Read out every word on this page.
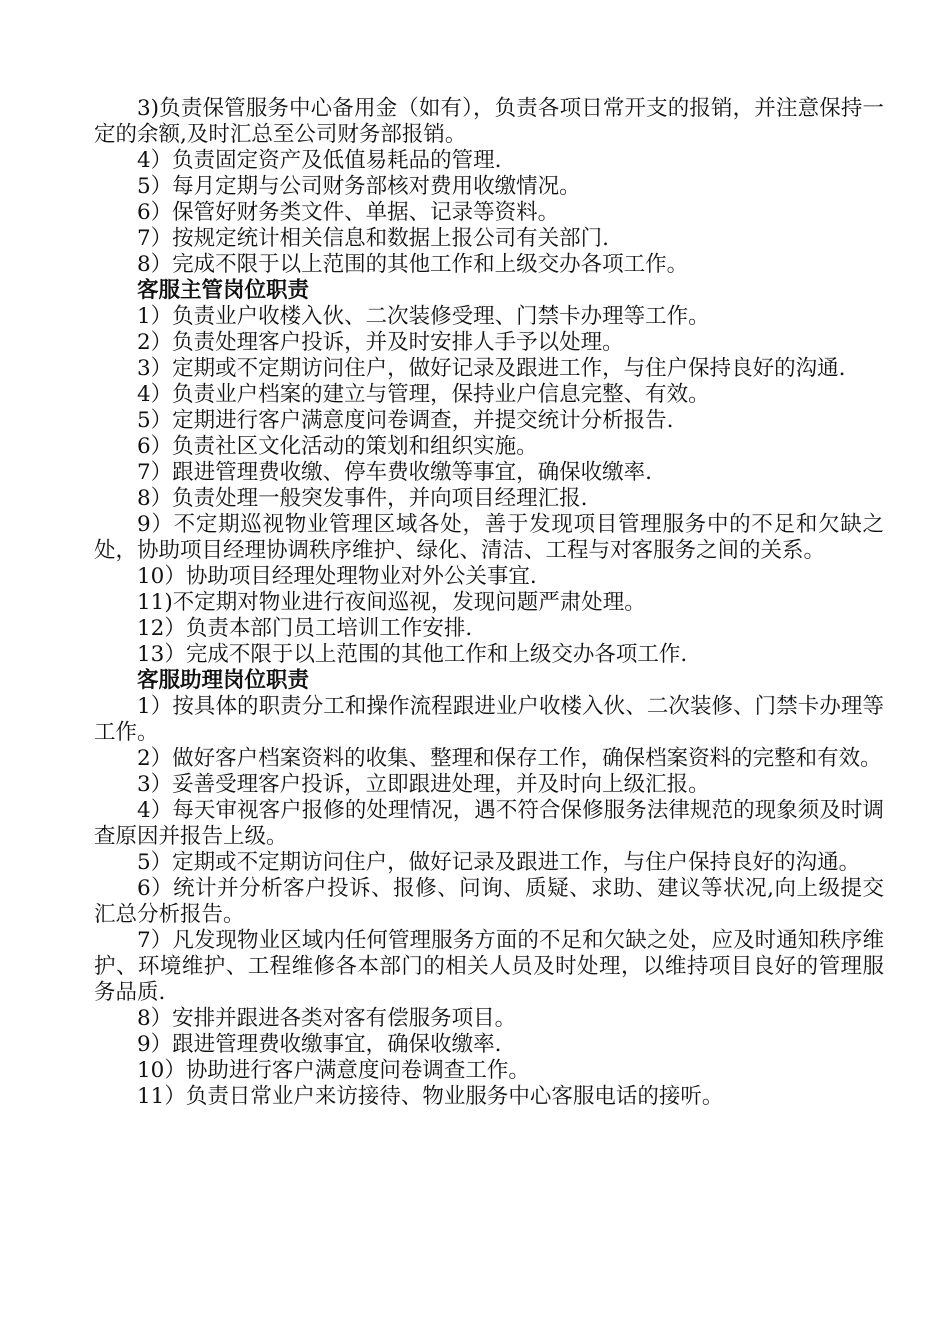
3)负责保管服务中心备用金（如有），负责各项日常开支的报销，并注意保持一定的余额,及时汇总至公司财务部报销。

4）负责固定资产及低值易耗品的管理.

5）每月定期与公司财务部核对费用收缴情况。

6）保管好财务类文件、单据、记录等资料。

7）按规定统计相关信息和数据上报公司有关部门.

8）完成不限于以上范围的其他工作和上级交办各项工作。

客服主管岗位职责

1）负责业户收楼入伙、二次装修受理、门禁卡办理等工作。

2）负责处理客户投诉，并及时安排人手予以处理。

3）定期或不定期访问住户，做好记录及跟进工作，与住户保持良好的沟通.

4）负责业户档案的建立与管理，保持业户信息完整、有效。

5）定期进行客户满意度问卷调查，并提交统计分析报告.

6）负责社区文化活动的策划和组织实施。

7）跟进管理费收缴、停车费收缴等事宜，确保收缴率.

8）负责处理一般突发事件，并向项目经理汇报.

9）不定期巡视物业管理区域各处，善于发现项目管理服务中的不足和欠缺之处，协助项目经理协调秩序维护、绿化、清洁、工程与对客服务之间的关系。

10）协助项目经理处理物业对外公关事宜.

11)不定期对物业进行夜间巡视，发现问题严肃处理。

12）负责本部门员工培训工作安排.

13）完成不限于以上范围的其他工作和上级交办各项工作.

客服助理岗位职责

1）按具体的职责分工和操作流程跟进业户收楼入伙、二次装修、门禁卡办理等工作。

2）做好客户档案资料的收集、整理和保存工作，确保档案资料的完整和有效。

3）妥善受理客户投诉，立即跟进处理，并及时向上级汇报。

4）每天审视客户报修的处理情况，遇不符合保修服务法律规范的现象须及时调查原因并报告上级。

5）定期或不定期访问住户，做好记录及跟进工作，与住户保持良好的沟通。

6）统计并分析客户投诉、报修、问询、质疑、求助、建议等状况,向上级提交汇总分析报告。

7）凡发现物业区域内任何管理服务方面的不足和欠缺之处，应及时通知秩序维护、环境维护、工程维修各本部门的相关人员及时处理，以维持项目良好的管理服务品质.

8）安排并跟进各类对客有偿服务项目。

9）跟进管理费收缴事宜，确保收缴率.

10）协助进行客户满意度问卷调查工作。

11）负责日常业户来访接待、物业服务中心客服电话的接听。
